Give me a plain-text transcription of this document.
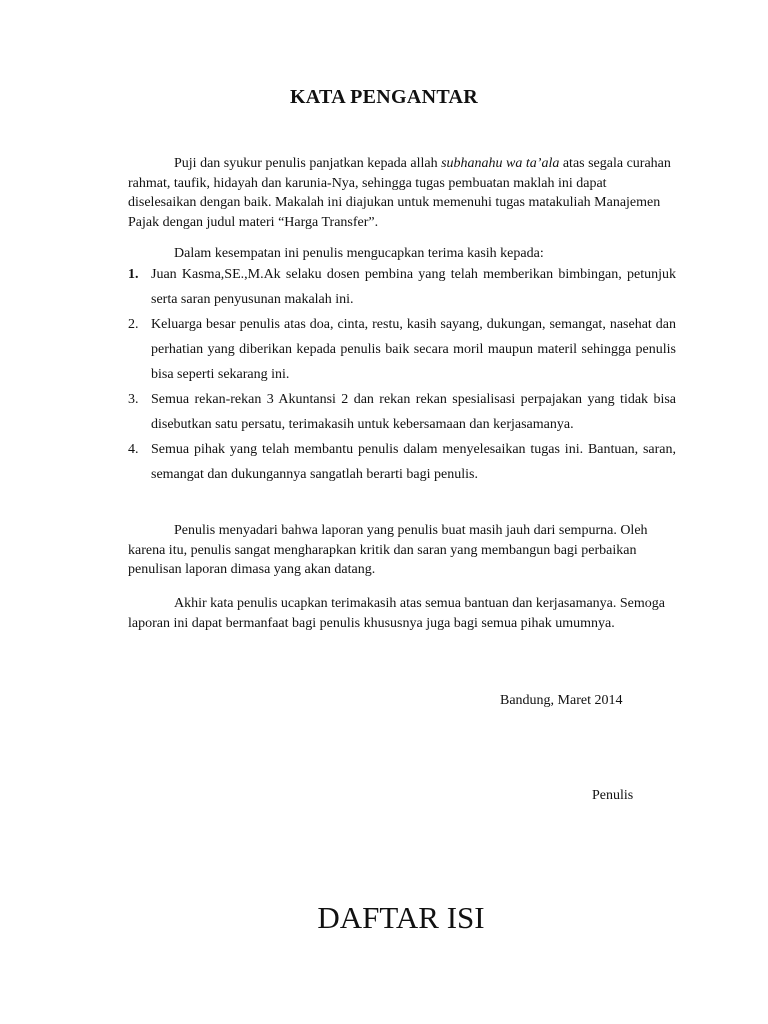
KATA PENGANTAR

Puji dan syukur penulis panjatkan kepada allah subhanahu wa ta’ala atas segala curahan rahmat, taufik, hidayah dan karunia-Nya, sehingga tugas pembuatan maklah ini dapat diselesaikan dengan baik. Makalah ini diajukan untuk memenuhi tugas matakuliah Manajemen Pajak dengan judul materi “Harga Transfer”.

Dalam kesempatan ini penulis mengucapkan terima kasih kepada:

1. Juan Kasma,SE.,M.Ak selaku dosen pembina yang telah memberikan bimbingan, petunjuk serta saran penyusunan makalah ini.
2. Keluarga besar penulis atas doa, cinta, restu, kasih sayang, dukungan, semangat, nasehat dan perhatian yang diberikan kepada penulis baik secara moril maupun materil sehingga penulis bisa seperti sekarang ini.
3. Semua rekan-rekan 3 Akuntansi 2 dan rekan rekan spesialisasi perpajakan yang tidak bisa disebutkan satu persatu, terimakasih untuk kebersamaan dan kerjasamanya.
4. Semua pihak yang telah membantu penulis dalam menyelesaikan tugas ini. Bantuan, saran, semangat dan dukungannya sangatlah berarti bagi penulis.

Penulis menyadari bahwa laporan yang penulis buat masih jauh dari sempurna. Oleh karena itu, penulis sangat mengharapkan kritik dan saran yang membangun bagi perbaikan penulisan laporan dimasa yang akan datang.

Akhir kata penulis ucapkan terimakasih atas semua bantuan dan kerjasamanya. Semoga laporan ini dapat bermanfaat bagi penulis khususnya juga bagi semua pihak umumnya.

Bandung, Maret 2014
Penulis
DAFTAR ISI
